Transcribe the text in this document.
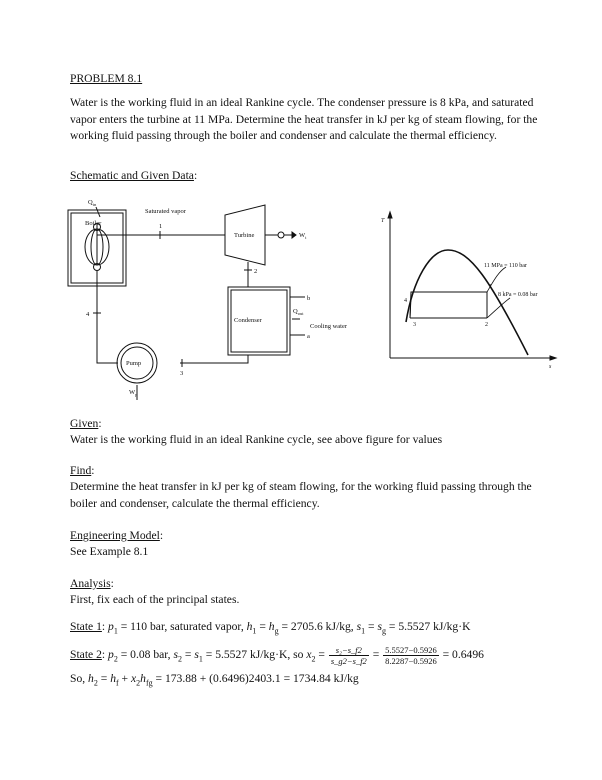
PROBLEM 8.1
Water is the working fluid in an ideal Rankine cycle. The condenser pressure is 8 kPa, and saturated vapor enters the turbine at 11 MPa. Determine the heat transfer in kJ per kg of steam flowing, for the working fluid passing through the boiler and condenser and calculate the thermal efficiency.
Schematic and Given Data:
$Q_{in}$
Saturated vapor
Boiler	1
Turbine	$W_t$
2
b
Condenser
$Q_{out}$
Cooling water
a
3
Pump
$W_p$
4
T
s
11 MPa = 110 bar
8 kPa = 0.08 bar
1
2
3
4
Given:
Water is the working fluid in an ideal Rankine cycle, see above figure for values
Find:
Determine the heat transfer in kJ per kg of steam flowing, for the working fluid passing through the boiler and condenser, calculate the thermal efficiency.
Engineering Model:
See Example 8.1
Analysis:
First, fix each of the principal states.
State 1: $p_1 = 110$ bar, saturated vapor, $h_1 = h_g = 2705.6$ kJ/kg, $s_1 = s_g = 5.5527$ kJ/kg·K
State 2: $p_2 = 0.08$ bar, $s_2 = s_1 = 5.5527$ kJ/kg·K, so $x_2 = \frac{\text{s₂−s\_f2}}{s\_g2-s\_f2} = \frac{5.5527-0.5926}{8.2287-0.5926} = 0.6496$
So, $h_2 = h_f + x_2h_{fg} = 173.88 + (0.6496)2403.1 = 1734.84$ kJ/kg
